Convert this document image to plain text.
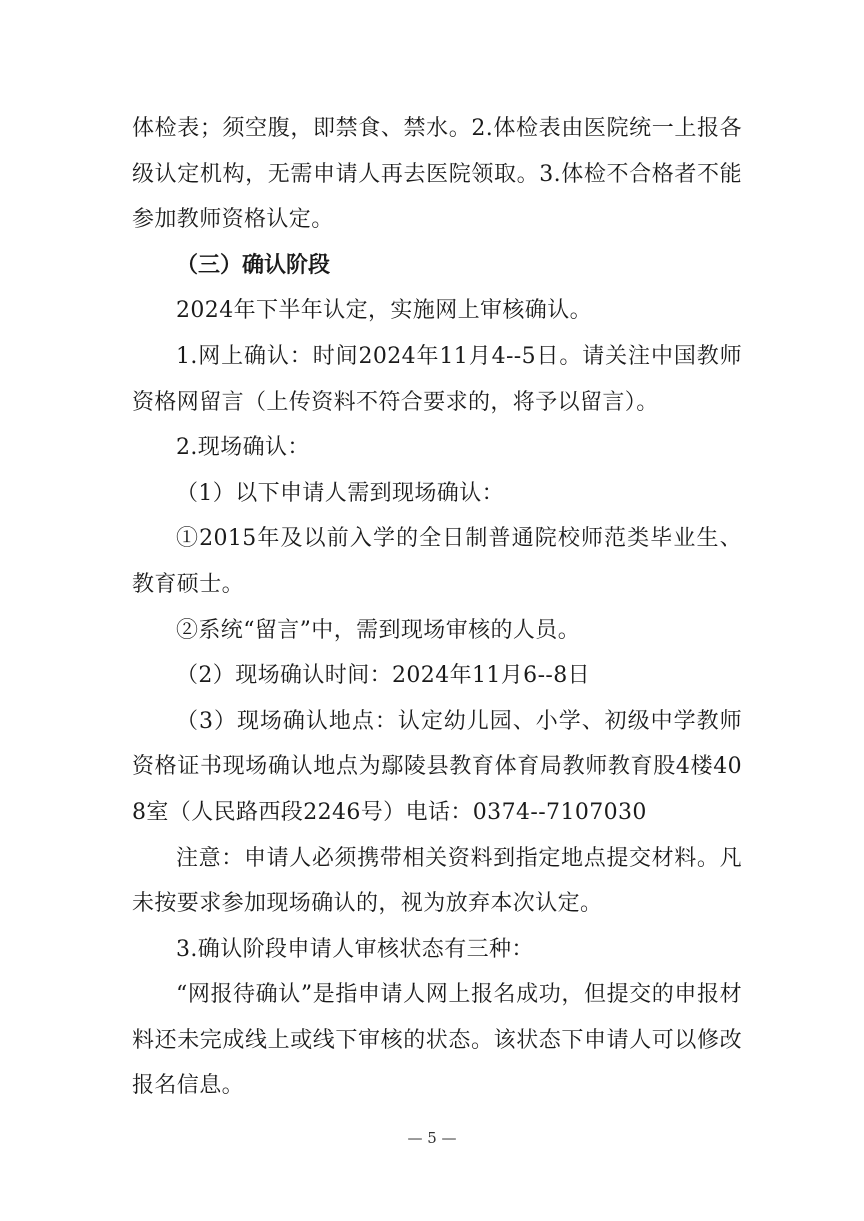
体检表；须空腹，即禁食、禁水。2.体检表由医院统一上报各级认定机构，无需申请人再去医院领取。3.体检不合格者不能参加教师资格认定。

（三）确认阶段

2024年下半年认定，实施网上审核确认。

1.网上确认：时间2024年11月4--5日。请关注中国教师资格网留言（上传资料不符合要求的，将予以留言）。

2.现场确认：

（1）以下申请人需到现场确认：

①2015年及以前入学的全日制普通院校师范类毕业生、教育硕士。

②系统“留言”中，需到现场审核的人员。

（2）现场确认时间：2024年11月6--8日

（3）现场确认地点：认定幼儿园、小学、初级中学教师资格证书现场确认地点为鄢陵县教育体育局教师教育股4楼408室（人民路西段2246号）电话：0374--7107030

注意：申请人必须携带相关资料到指定地点提交材料。凡未按要求参加现场确认的，视为放弃本次认定。

3.确认阶段申请人审核状态有三种：

“网报待确认”是指申请人网上报名成功，但提交的申报材料还未完成线上或线下审核的状态。该状态下申请人可以修改报名信息。

— 5 —
